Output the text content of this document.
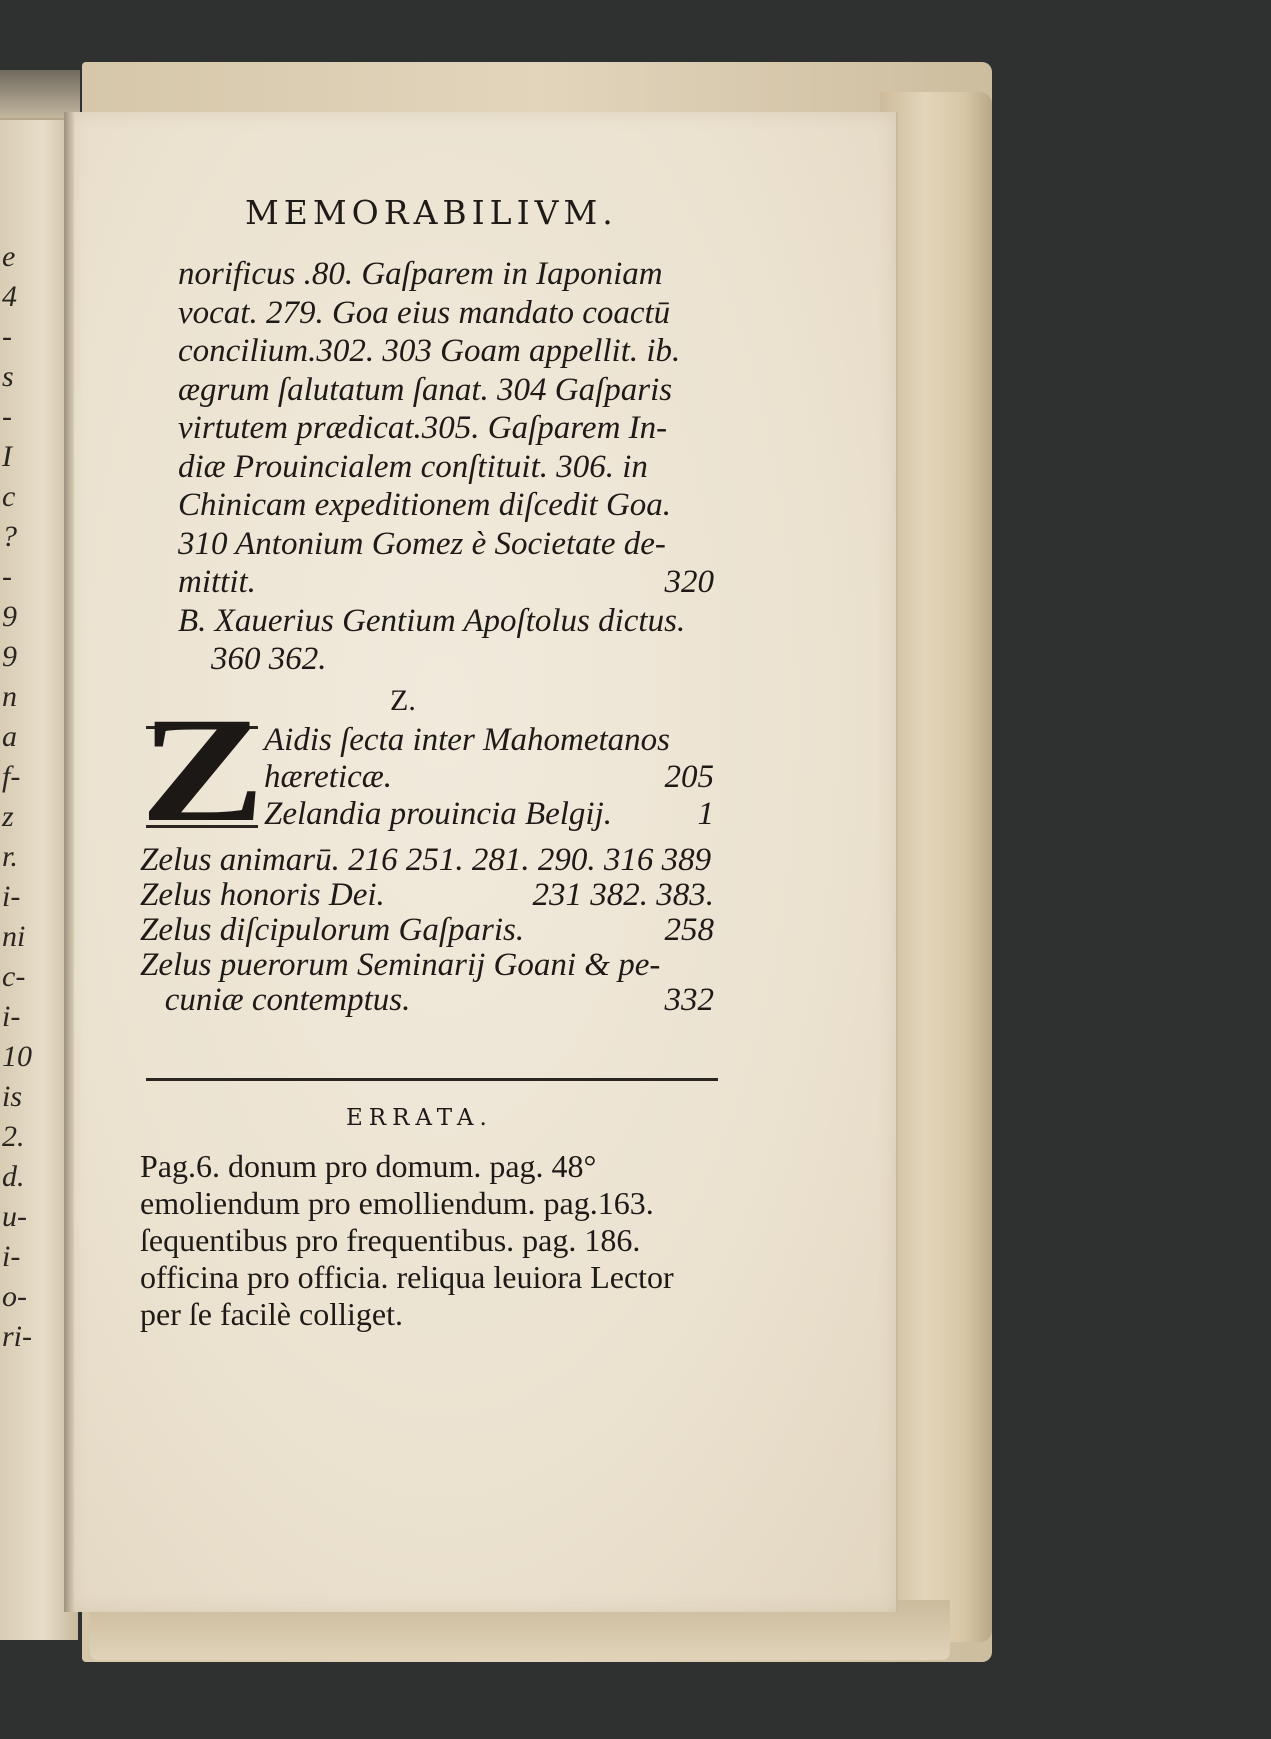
e
4
-
s
-
I
c
?
-
9
9
n
a
f-
z
r.
i-
ni
c-
i-
10
is
2.
d.
u-
i-
o-
ri-
MEMORABILIVM.
norificus .80. Gaſparem in Iaponiam
vocat. 279. Goa eius mandato coactū
concilium.302. 303 Goam appellit. ib.
ægrum ſalutatum ſanat. 304 Gaſparis
virtutem prædicat.305. Gaſparem In-
diæ Prouincialem conſtituit. 306. in
Chinicam expeditionem diſcedit Goa.
310 Antonium Gomez è Societate de-
mittit.	320
B. Xauerius Gentium Apoſtolus dictus.
360 362.
Z.
Z
Aidis ſecta inter Mahometanos
hæreticæ.	205
Zelandia prouincia Belgij.	1
Zelus animarū. 216 251. 281. 290. 316 389
Zelus honoris Dei.	231 382. 383.
Zelus diſcipulorum Gaſparis.	258
Zelus puerorum Seminarij Goani & pe-
cuniæ contemptus.	332
ERRATA.
Pag.6. donum pro domum. pag. 48°
emoliendum pro emolliendum. pag.163.
ſequentibus pro frequentibus. pag. 186.
officina pro officia. reliqua leuiora Lector
per ſe facilè colliget.
